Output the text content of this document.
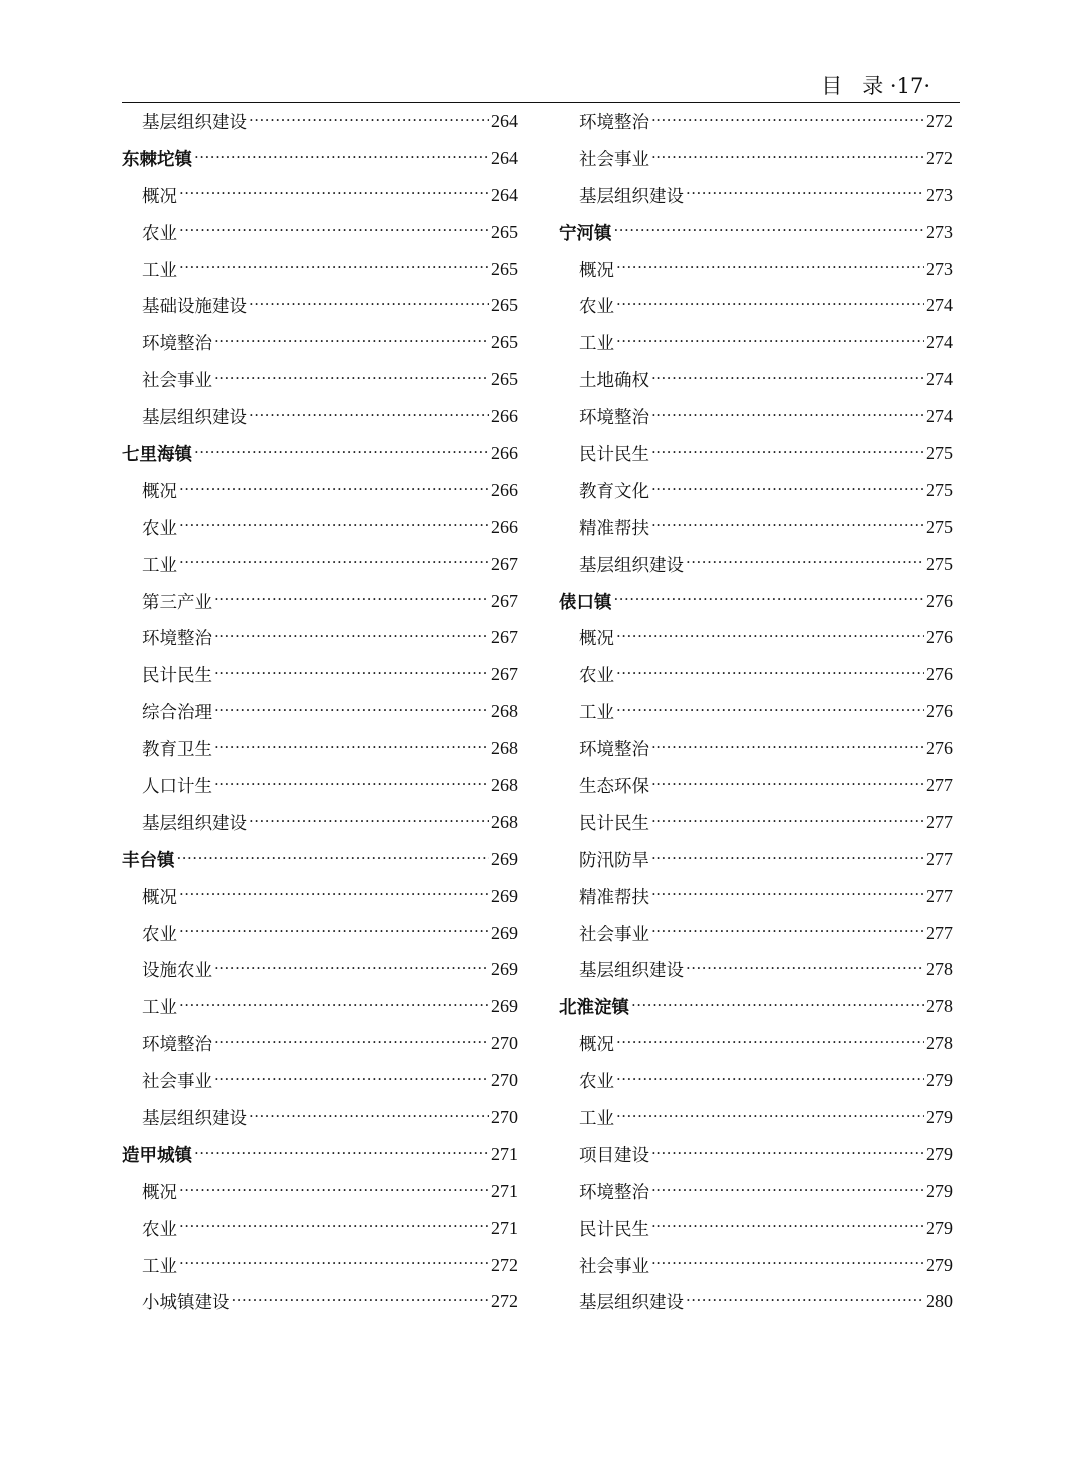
目 录 ·17·
基层组织建设 ·····	264
东棘坨镇 ·····	264
概况 ·····	264
农业 ·····	265
工业 ·····	265
基础设施建设 ·····	265
环境整治 ·····	265
社会事业 ·····	265
基层组织建设 ·····	266
七里海镇 ·····	266
概况 ·····	266
农业 ·····	266
工业 ·····	267
第三产业 ·····	267
环境整治 ·····	267
民计民生 ·····	267
综合治理 ·····	268
教育卫生 ·····	268
人口计生 ·····	268
基层组织建设 ·····	268
丰台镇 ·····	269
概况 ·····	269
农业 ·····	269
设施农业 ·····	269
工业 ·····	269
环境整治 ·····	270
社会事业 ·····	270
基层组织建设 ·····	270
造甲城镇 ·····	271
概况 ·····	271
农业 ·····	271
工业 ·····	272
小城镇建设 ·····	272
环境整治 ·····	272
社会事业 ·····	272
基层组织建设 ·····	273
宁河镇 ·····	273
概况 ·····	273
农业 ·····	274
工业 ·····	274
土地确权 ·····	274
环境整治 ·····	274
民计民生 ·····	275
教育文化 ·····	275
精准帮扶 ·····	275
基层组织建设 ·····	275
俵口镇 ·····	276
概况 ·····	276
农业 ·····	276
工业 ·····	276
环境整治 ·····	276
生态环保 ·····	277
民计民生 ·····	277
防汛防旱 ·····	277
精准帮扶 ·····	277
社会事业 ·····	277
基层组织建设 ·····	278
北淮淀镇 ·····	278
概况 ·····	278
农业 ·····	279
工业 ·····	279
项目建设 ·····	279
环境整治 ·····	279
民计民生 ·····	279
社会事业 ·····	279
基层组织建设 ·····	280
